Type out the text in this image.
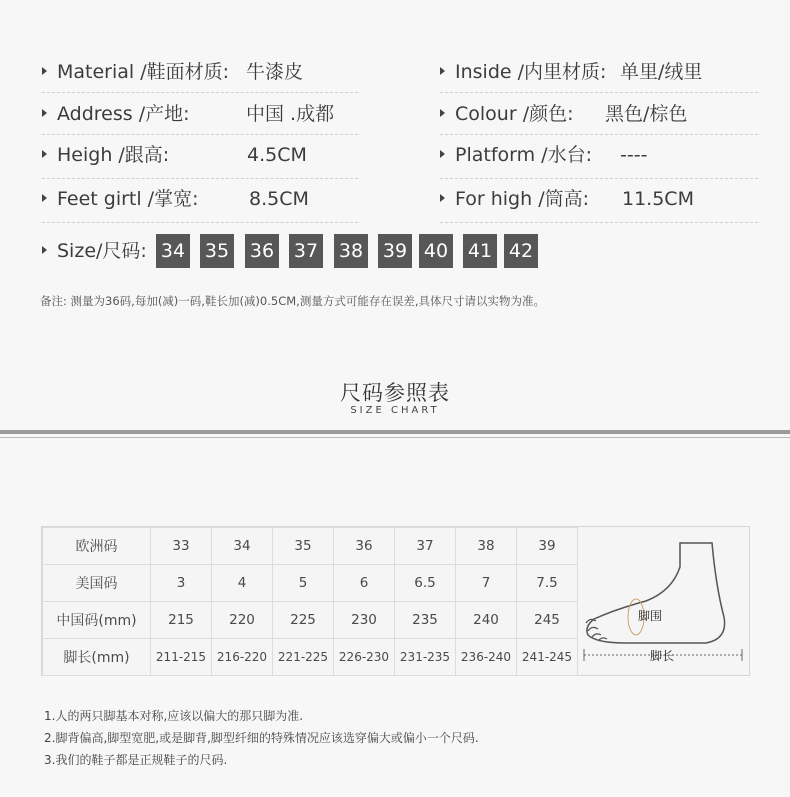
Material /鞋面材质: 牛漆皮
Address /产地:	中国 .成都
Heigh /跟高:	4.5CM
Feet girtl /掌宽:	8.5CM
Inside /内里材质: 单里/绒里
Colour /颜色: 黑色/棕色
Platform /水台: ----
For high /筒高: 11.5CM
Size/尺码: 34 35 36 37 38 39 40 41 42
备注: 测量为36码,每加(减)一码,鞋长加(减)0.5CM,测量方式可能存在误差,具体尺寸请以实物为准。
尺码参照表
SIZE CHART
欧洲码	33	34	35	36	37	38	39
美国码	3	4	5	6	6.5	7	7.5
中国码(mm)	215	220	225	230	235	240	245
脚长(mm)	211-215	216-220	221-225	226-230	231-235	236-240	241-245
脚围
脚长
1.人的两只脚基本对称,应该以偏大的那只脚为准.
2.脚背偏高,脚型宽肥,或是脚背,脚型纤细的特殊情况应该选穿偏大或偏小一个尺码.
3.我们的鞋子都是正规鞋子的尺码.
